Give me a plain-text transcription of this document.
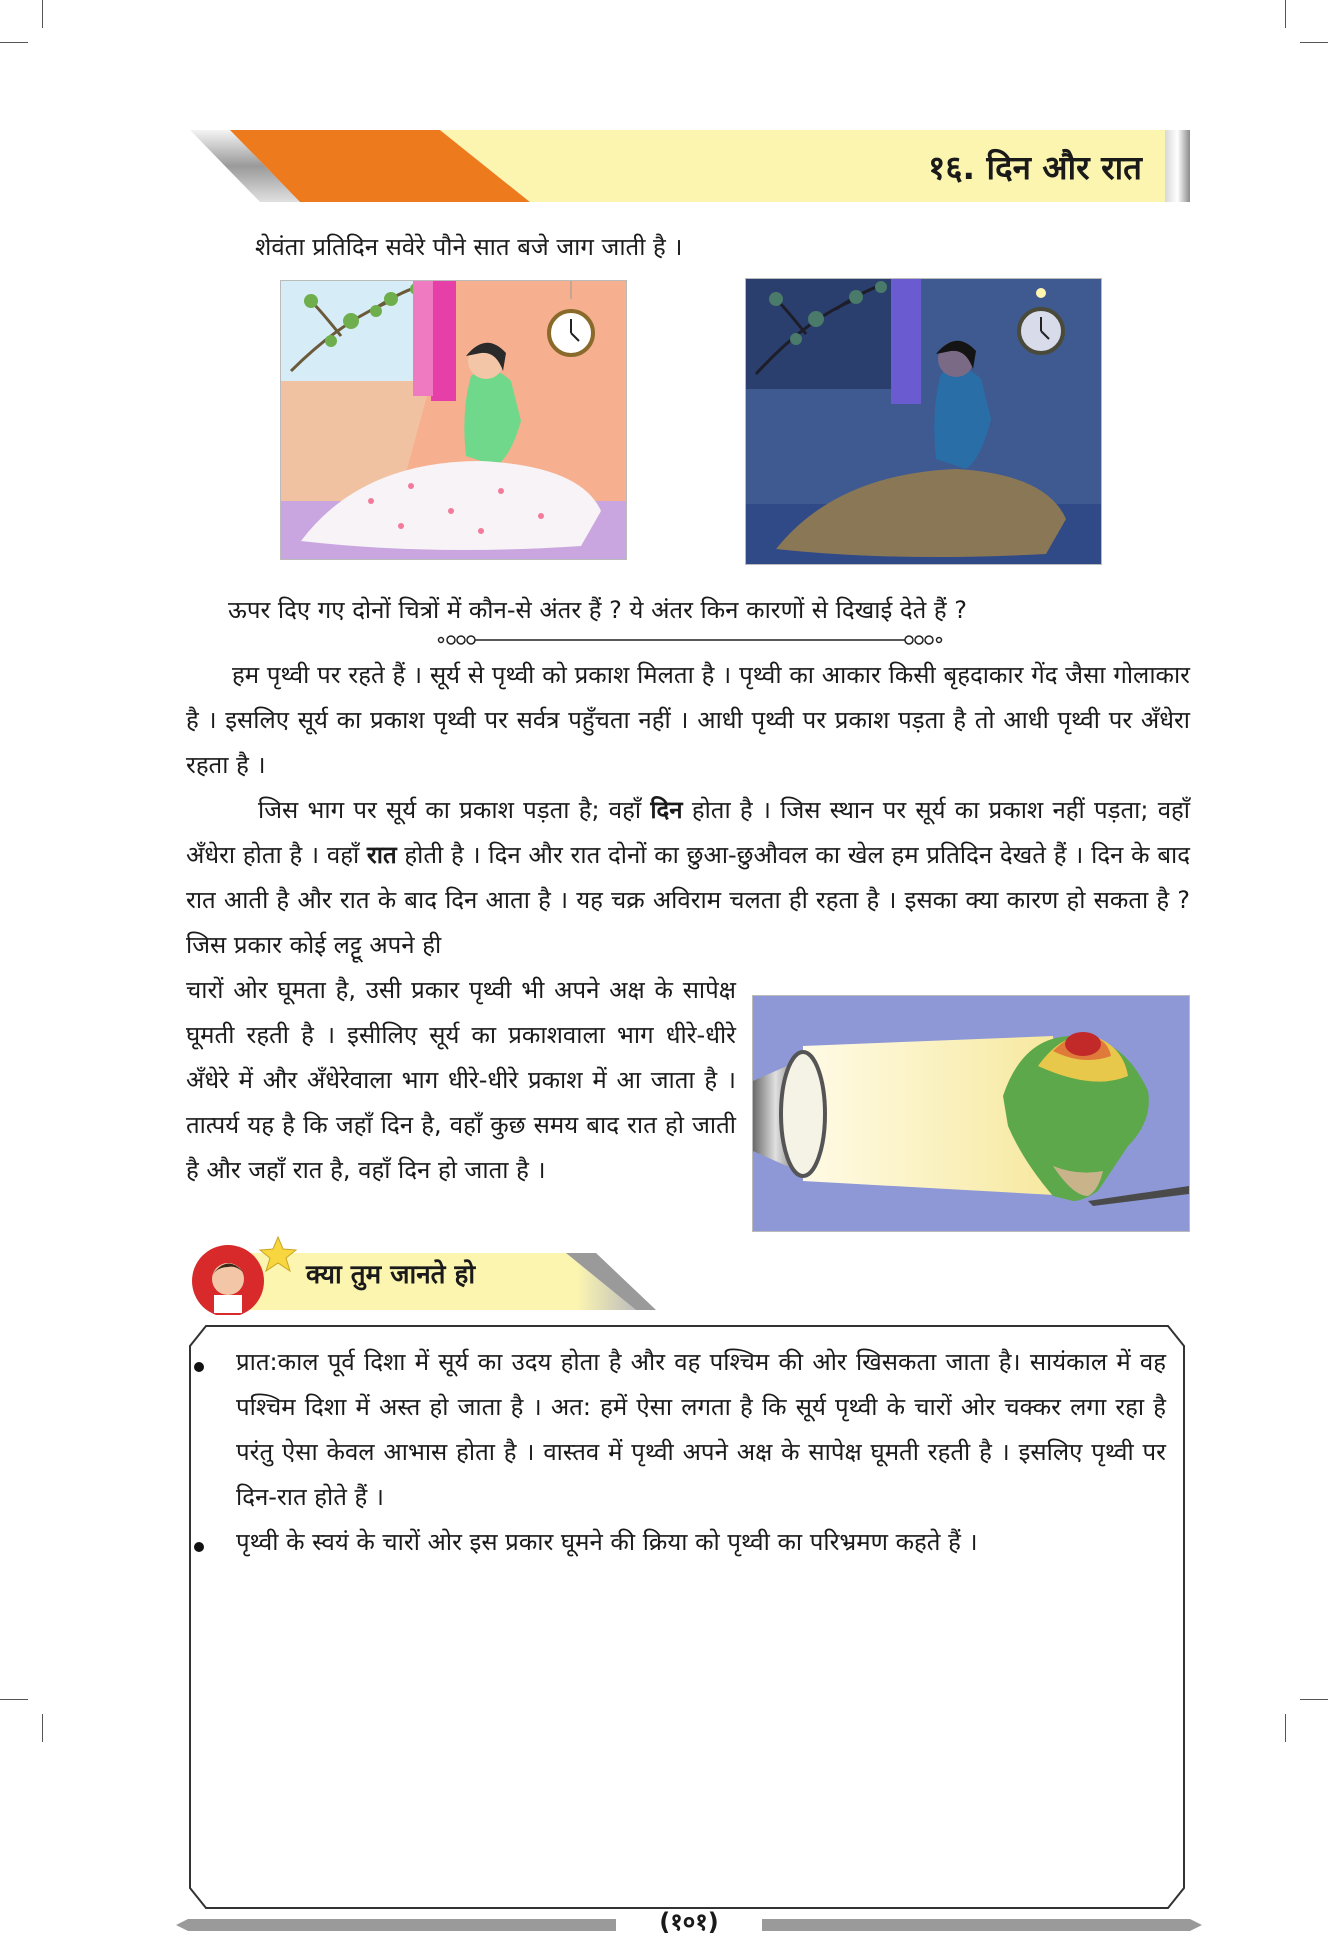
१६. दिन और रात
शेवंता प्रतिदिन सवेरे पौने सात बजे जाग जाती है ।
ऊपर दिए गए दोनों चित्रों में कौन-से अंतर हैं ? ये अंतर किन कारणों से दिखाई देते हैं ?
हम पृथ्वी पर रहते हैं । सूर्य से पृथ्वी को प्रकाश मिलता है । पृथ्वी का आकार किसी बृहदाकार गेंद जैसा गोलाकार है । इसलिए सूर्य का प्रकाश पृथ्वी पर सर्वत्र पहुँचता नहीं । आधी पृथ्वी पर प्रकाश पड़ता है तो आधी पृथ्वी पर अँधेरा रहता है ।
जिस भाग पर सूर्य का प्रकाश पड़ता है; वहाँ दिन होता है । जिस स्थान पर सूर्य का प्रकाश नहीं पड़ता; वहाँ अँधेरा होता है । वहाँ रात होती है । दिन और रात दोनों का छुआ-छुऔवल का खेल हम प्रतिदिन देखते हैं । दिन के बाद रात आती है और रात के बाद दिन आता है । यह चक्र अविराम चलता ही रहता है । इसका क्या कारण हो सकता है ? जिस प्रकार कोई लट्टू अपने ही
चारों ओर घूमता है, उसी प्रकार पृथ्वी भी अपने अक्ष के सापेक्ष घूमती रहती है । इसीलिए सूर्य का प्रकाशवाला भाग धीरे-धीरे अँधेरे में और अँधेरेवाला भाग धीरे-धीरे प्रकाश में आ जाता है । तात्पर्य यह है कि जहाँ दिन है, वहाँ कुछ समय बाद रात हो जाती है और जहाँ रात है, वहाँ दिन हो जाता है ।
क्या तुम जानते हो
प्रात:काल पूर्व दिशा में सूर्य का उदय होता है और वह पश्चिम की ओर खिसकता जाता है। सायंकाल में वह पश्चिम दिशा में अस्त हो जाता है । अत: हमें ऐसा लगता है कि सूर्य पृथ्वी के चारों ओर चक्कर लगा रहा है परंतु ऐसा केवल आभास होता है । वास्तव में पृथ्वी अपने अक्ष के सापेक्ष घूमती रहती है । इसलिए पृथ्वी पर दिन-रात होते हैं ।
पृथ्वी के स्वयं के चारों ओर इस प्रकार घूमने की क्रिया को पृथ्वी का परिभ्रमण कहते हैं ।
(१०१)
